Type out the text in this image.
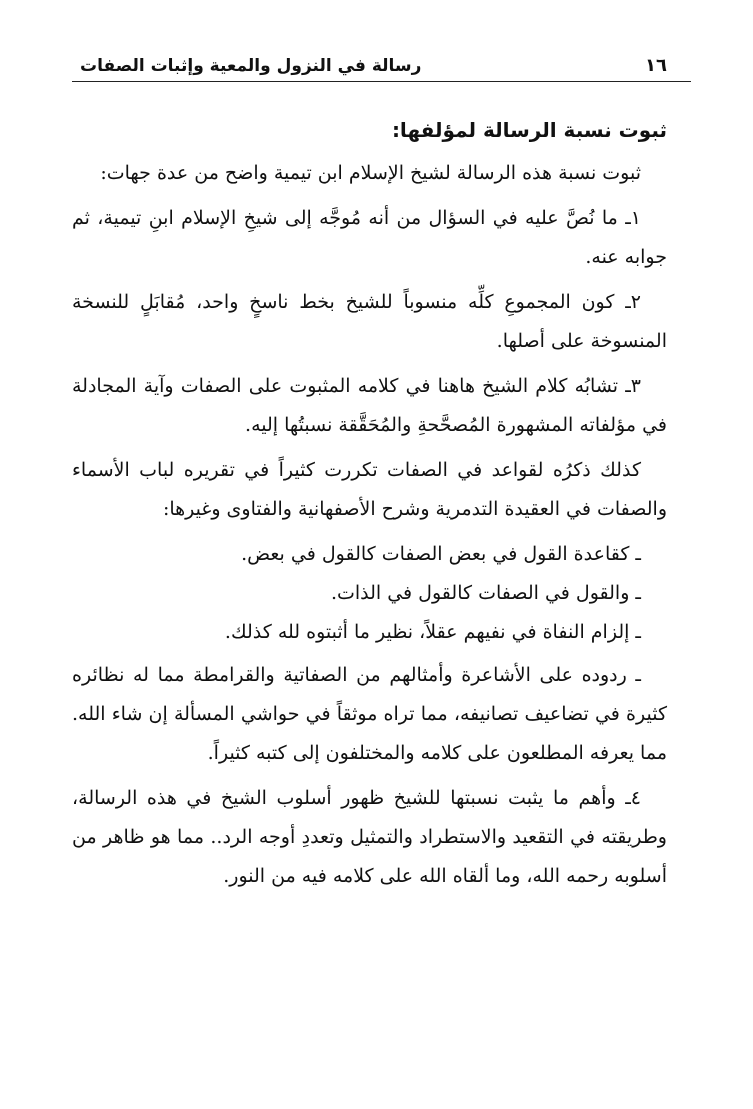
١٦
رسالة في النزول والمعية وإثبات الصفات
ثبوت نسبة الرسالة لمؤلفها:

ثبوت نسبة هذه الرسالة لشيخ الإسلام ابن تيمية واضح من عدة جهات:

١ـ ما نُصَّ عليه في السؤال من أنه مُوجَّه إلى شيخِ الإسلام ابنِ تيمية، ثم جوابه عنه.

٢ـ كون المجموعِ كلِّه منسوباً للشيخ بخط ناسخٍ واحد، مُقابَلٍ للنسخة المنسوخة على أصلها.

٣ـ تشابُه كلام الشيخ هاهنا في كلامه المثبوت على الصفات وآية المجادلة في مؤلفاته المشهورة المُصحَّحةِ والمُحَقَّقة نسبتُها إليه.

كذلك ذكرُه لقواعد في الصفات تكررت كثيراً في تقريره لباب الأسماء والصفات في العقيدة التدمرية وشرح الأصفهانية والفتاوى وغيرها:

ـ كقاعدة القول في بعض الصفات كالقول في بعض.
ـ والقول في الصفات كالقول في الذات.
ـ إلزام النفاة في نفيهم عقلاً، نظير ما أثبتوه لله كذلك.

ـ ردوده على الأشاعرة وأمثالهم من الصفاتية والقرامطة مما له نظائره كثيرة في تضاعيف تصانيفه، مما تراه موثقاً في حواشي المسألة إن شاء الله. مما يعرفه المطلعون على كلامه والمختلفون إلى كتبه كثيراً.

٤ـ وأهم ما يثبت نسبتها للشيخ ظهور أسلوب الشيخ في هذه الرسالة، وطريقته في التقعيد والاستطراد والتمثيل وتعددِ أوجه الرد.. مما هو ظاهر من أسلوبه رحمه الله، وما ألقاه الله على كلامه فيه من النور.
